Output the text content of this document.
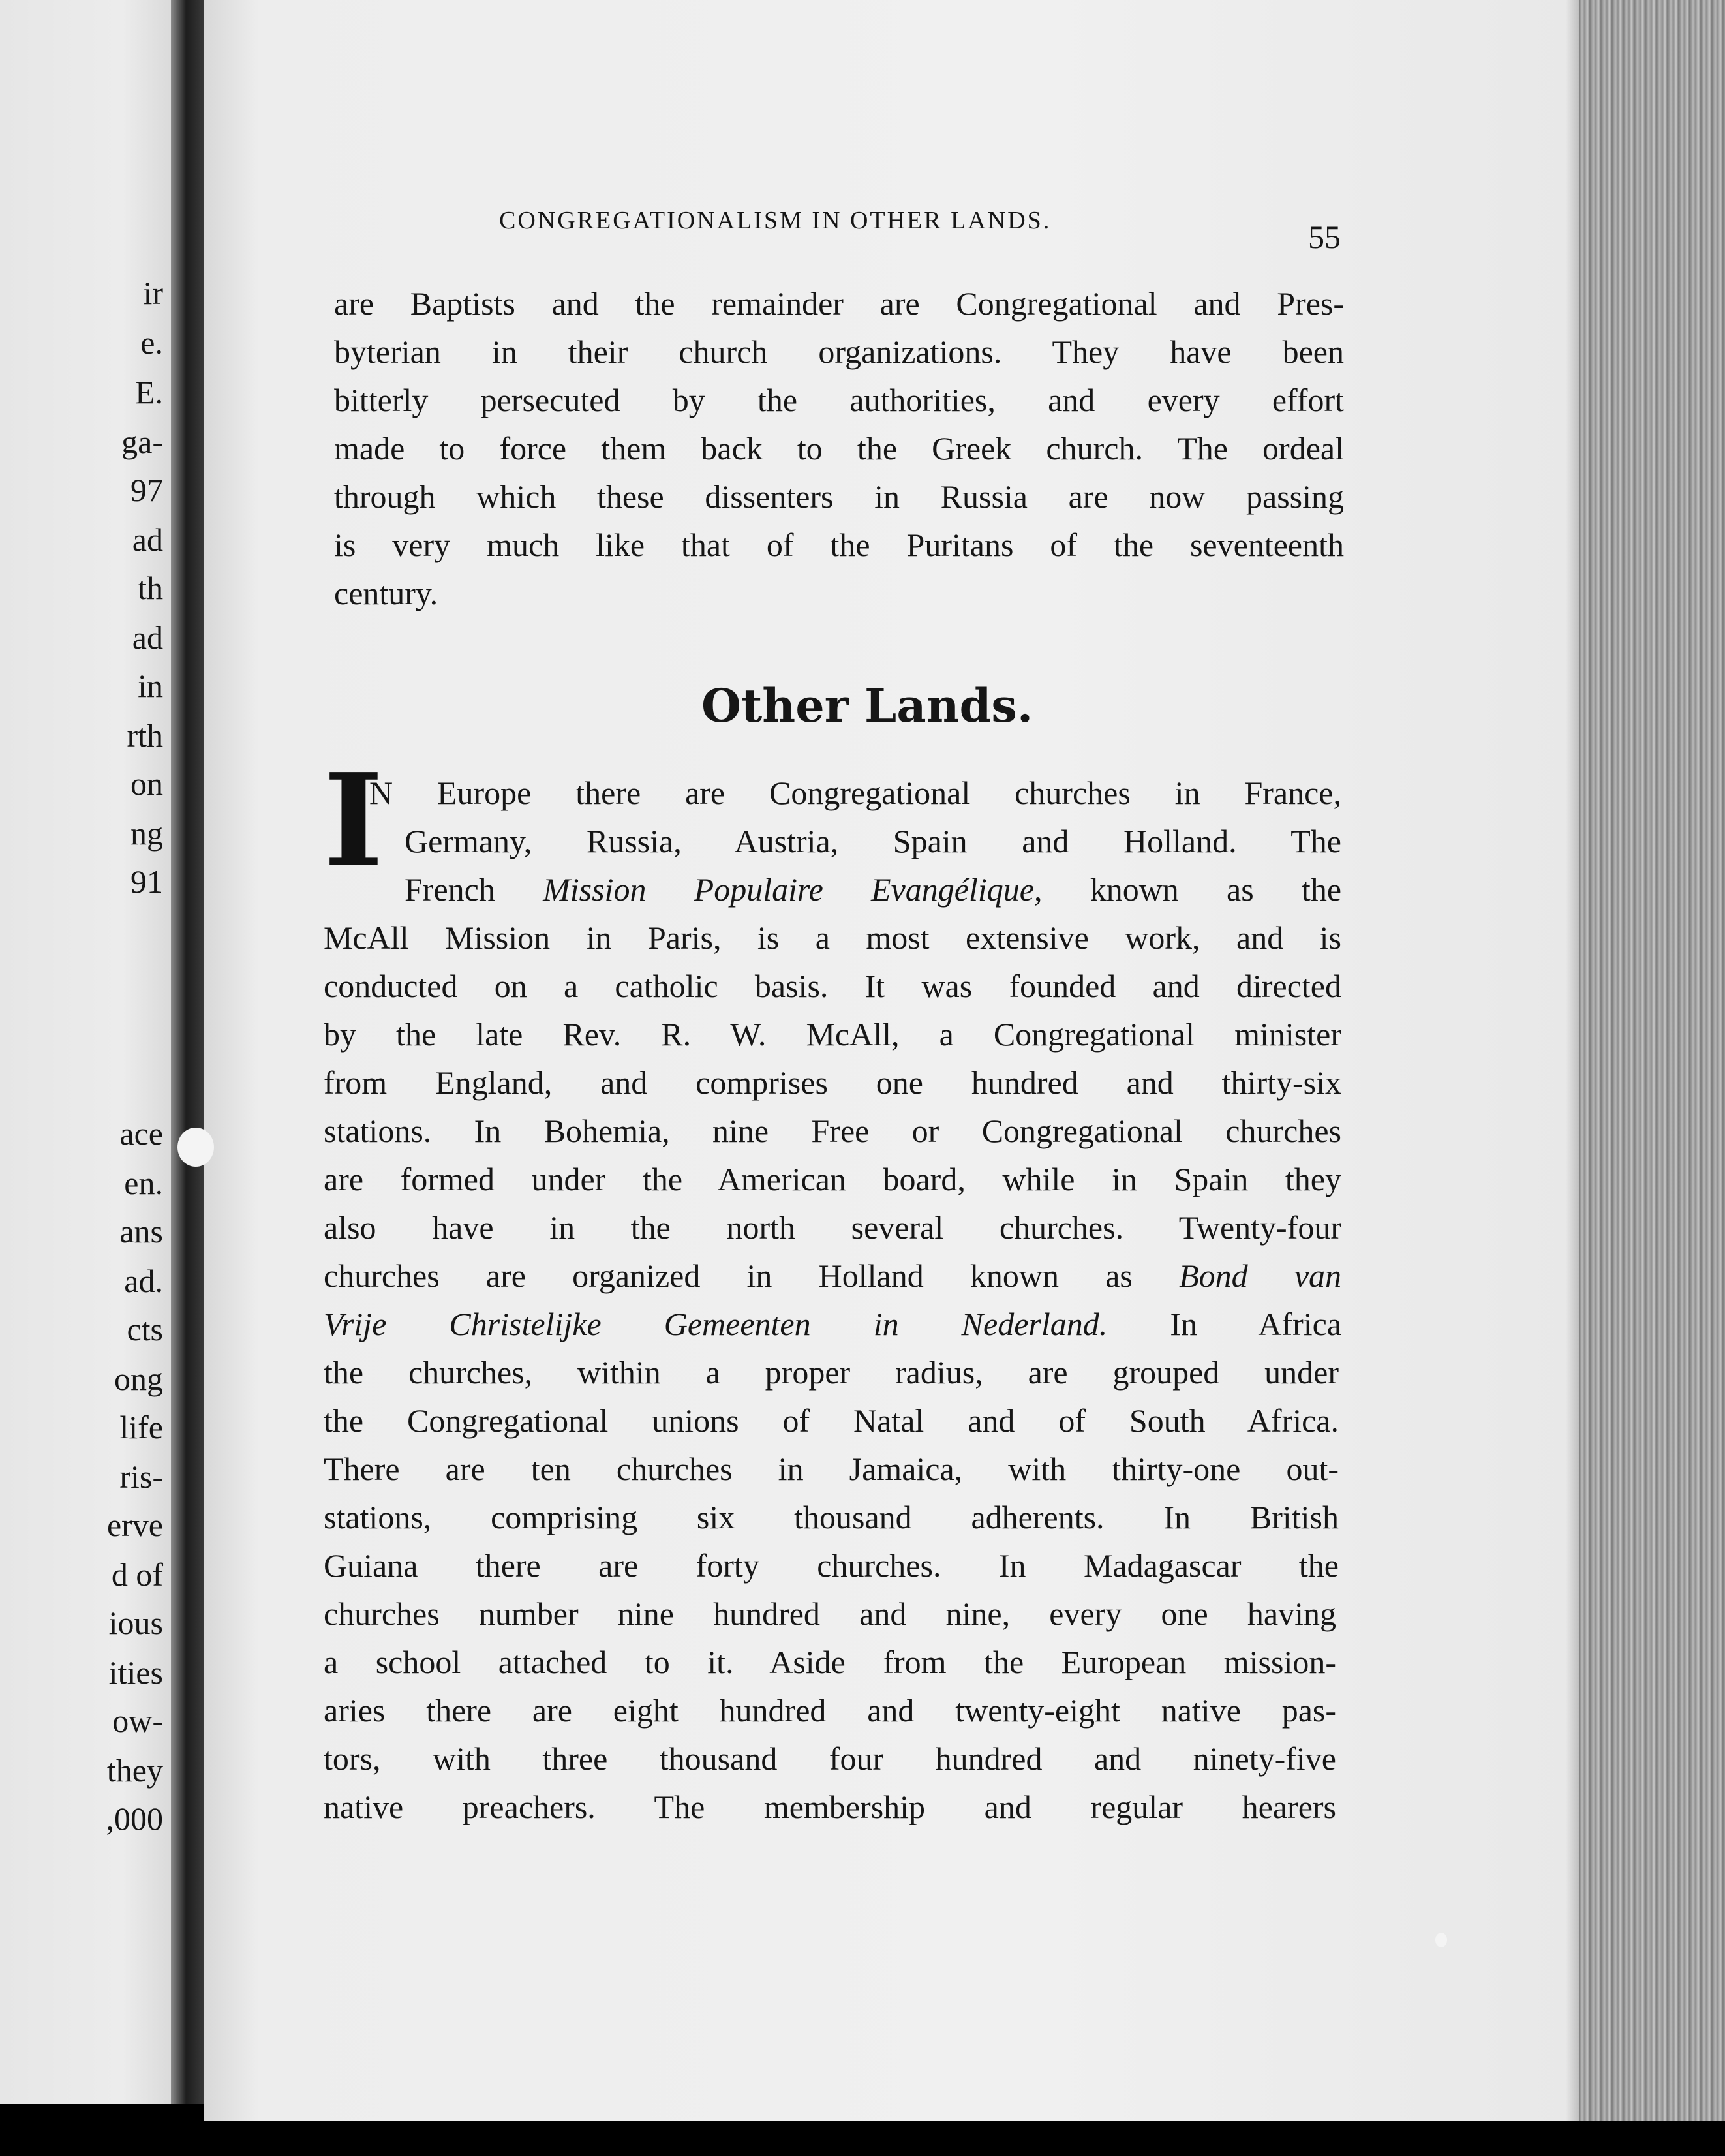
ir
e.
E.
ga-
97
ad
th
ad
in
rth
on
ng
91
ace
en.
ans
ad.
cts
ong
life
ris-
erve
d of
ious
ities
ow-
they
,000
CONGREGATIONALISM IN OTHER LANDS.	55
are Baptists and the remainder are Congregational and Pres-
byterian in their church organizations. They have been
bitterly persecuted by the authorities, and every effort
made to force them back to the Greek church. The ordeal
through which these dissenters in Russia are now passing
is very much like that of the Puritans of the seventeenth
century.
Other Lands.
I
N Europe there are Congregational churches in France,
Germany, Russia, Austria, Spain and Holland. The
French Mission Populaire Evangélique, known as the
McAll Mission in Paris, is a most extensive work, and is
conducted on a catholic basis. It was founded and directed
by the late Rev. R. W. McAll, a Congregational minister
from England, and comprises one hundred and thirty-six
stations. In Bohemia, nine Free or Congregational churches
are formed under the American board, while in Spain they
also have in the north several churches. Twenty-four
churches are organized in Holland known as Bond van
Vrije Christelijke Gemeenten in Nederland. In Africa
the churches, within a proper radius, are grouped under
the Congregational unions of Natal and of South Africa.
There are ten churches in Jamaica, with thirty-one out-
stations, comprising six thousand adherents. In British
Guiana there are forty churches. In Madagascar the
churches number nine hundred and nine, every one having
a school attached to it. Aside from the European mission-
aries there are eight hundred and twenty-eight native pas-
tors, with three thousand four hundred and ninety-five
native preachers. The membership and regular hearers
